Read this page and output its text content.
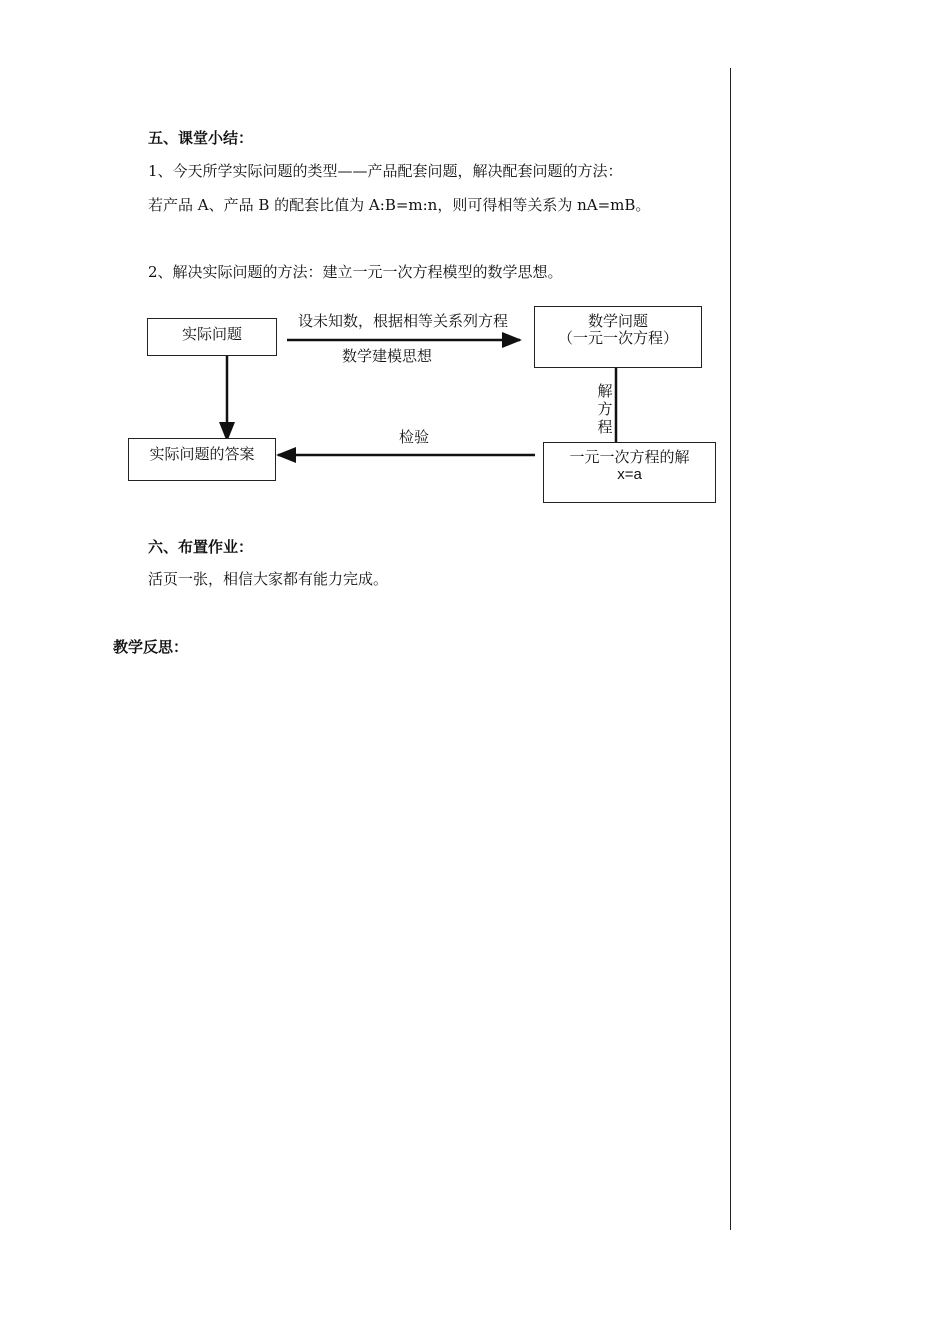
五、课堂小结：
1、今天所学实际问题的类型——产品配套问题，解决配套问题的方法：
若产品 A、产品 B 的配套比值为 A:B=m:n，则可得相等关系为 nA=mB。
2、解决实际问题的方法：建立一元一次方程模型的数学思想。
实际问题
数学问题
（一元一次方程）
一元一次方程的解
x=a
实际问题的答案
设未知数，根据相等关系列方程
数学建模思想
检验
解
方
程
六、布置作业：
活页一张，相信大家都有能力完成。
教学反思：
